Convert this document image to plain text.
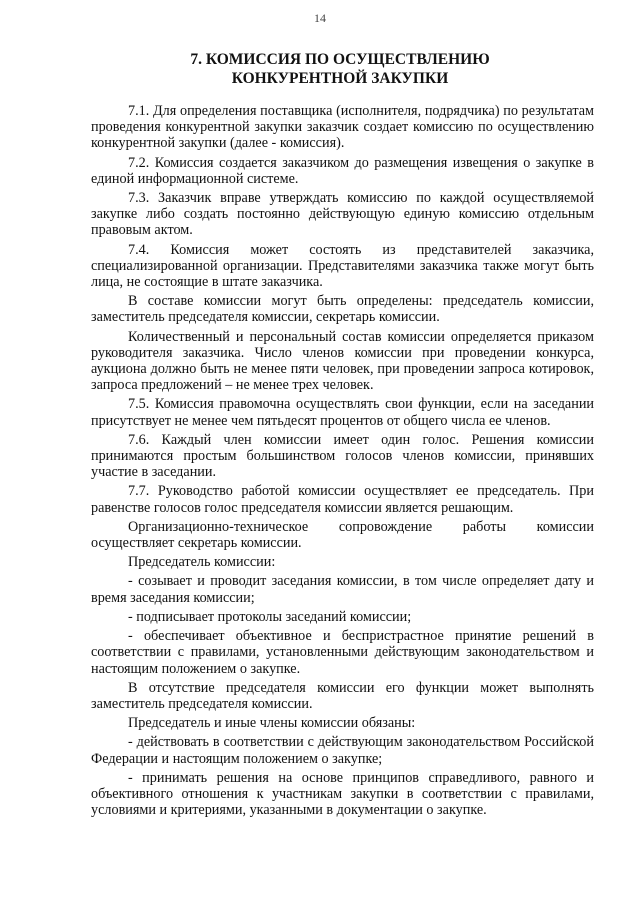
14
7. КОМИССИЯ ПО ОСУЩЕСТВЛЕНИЮ
КОНКУРЕНТНОЙ ЗАКУПКИ

7.1. Для определения поставщика (исполнителя, подрядчика) по результатам проведения конкурентной закупки заказчик создает комиссию по осуществлению конкурентной закупки (далее - комиссия).

7.2. Комиссия создается заказчиком до размещения извещения о закупке в единой информационной системе.

7.3. Заказчик вправе утверждать комиссию по каждой осуществляемой закупке либо создать постоянно действующую единую комиссию отдельным правовым актом.

7.4. Комиссия может состоять из представителей заказчика, специализированной организации. Представителями заказчика также могут быть лица, не состоящие в штате заказчика.

В составе комиссии могут быть определены: председатель комиссии, заместитель председателя комиссии, секретарь комиссии.

Количественный и персональный состав комиссии определяется приказом руководителя заказчика. Число членов комиссии при проведении конкурса, аукциона должно быть не менее пяти человек, при проведении запроса котировок, запроса предложений – не менее трех человек.

7.5. Комиссия правомочна осуществлять свои функции, если на заседании присутствует не менее чем пятьдесят процентов от общего числа ее членов.

7.6. Каждый член комиссии имеет один голос. Решения комиссии принимаются простым большинством голосов членов комиссии, принявших участие в заседании.

7.7. Руководство работой комиссии осуществляет ее председатель. При равенстве голосов голос председателя комиссии является решающим.

Организационно-техническое сопровождение работы комиссии осуществляет секретарь комиссии.

Председатель комиссии:

- созывает и проводит заседания комиссии, в том числе определяет дату и время заседания комиссии;

- подписывает протоколы заседаний комиссии;

- обеспечивает объективное и беспристрастное принятие решений в соответствии с правилами, установленными действующим законодательством и настоящим положением о закупке.

В отсутствие председателя комиссии его функции может выполнять заместитель председателя комиссии.

Председатель и иные члены комиссии обязаны:

- действовать в соответствии с действующим законодательством Российской Федерации и настоящим положением о закупке;

- принимать решения на основе принципов справедливого, равного и объективного отношения к участникам закупки в соответствии с правилами, условиями и критериями, указанными в документации о закупке.
